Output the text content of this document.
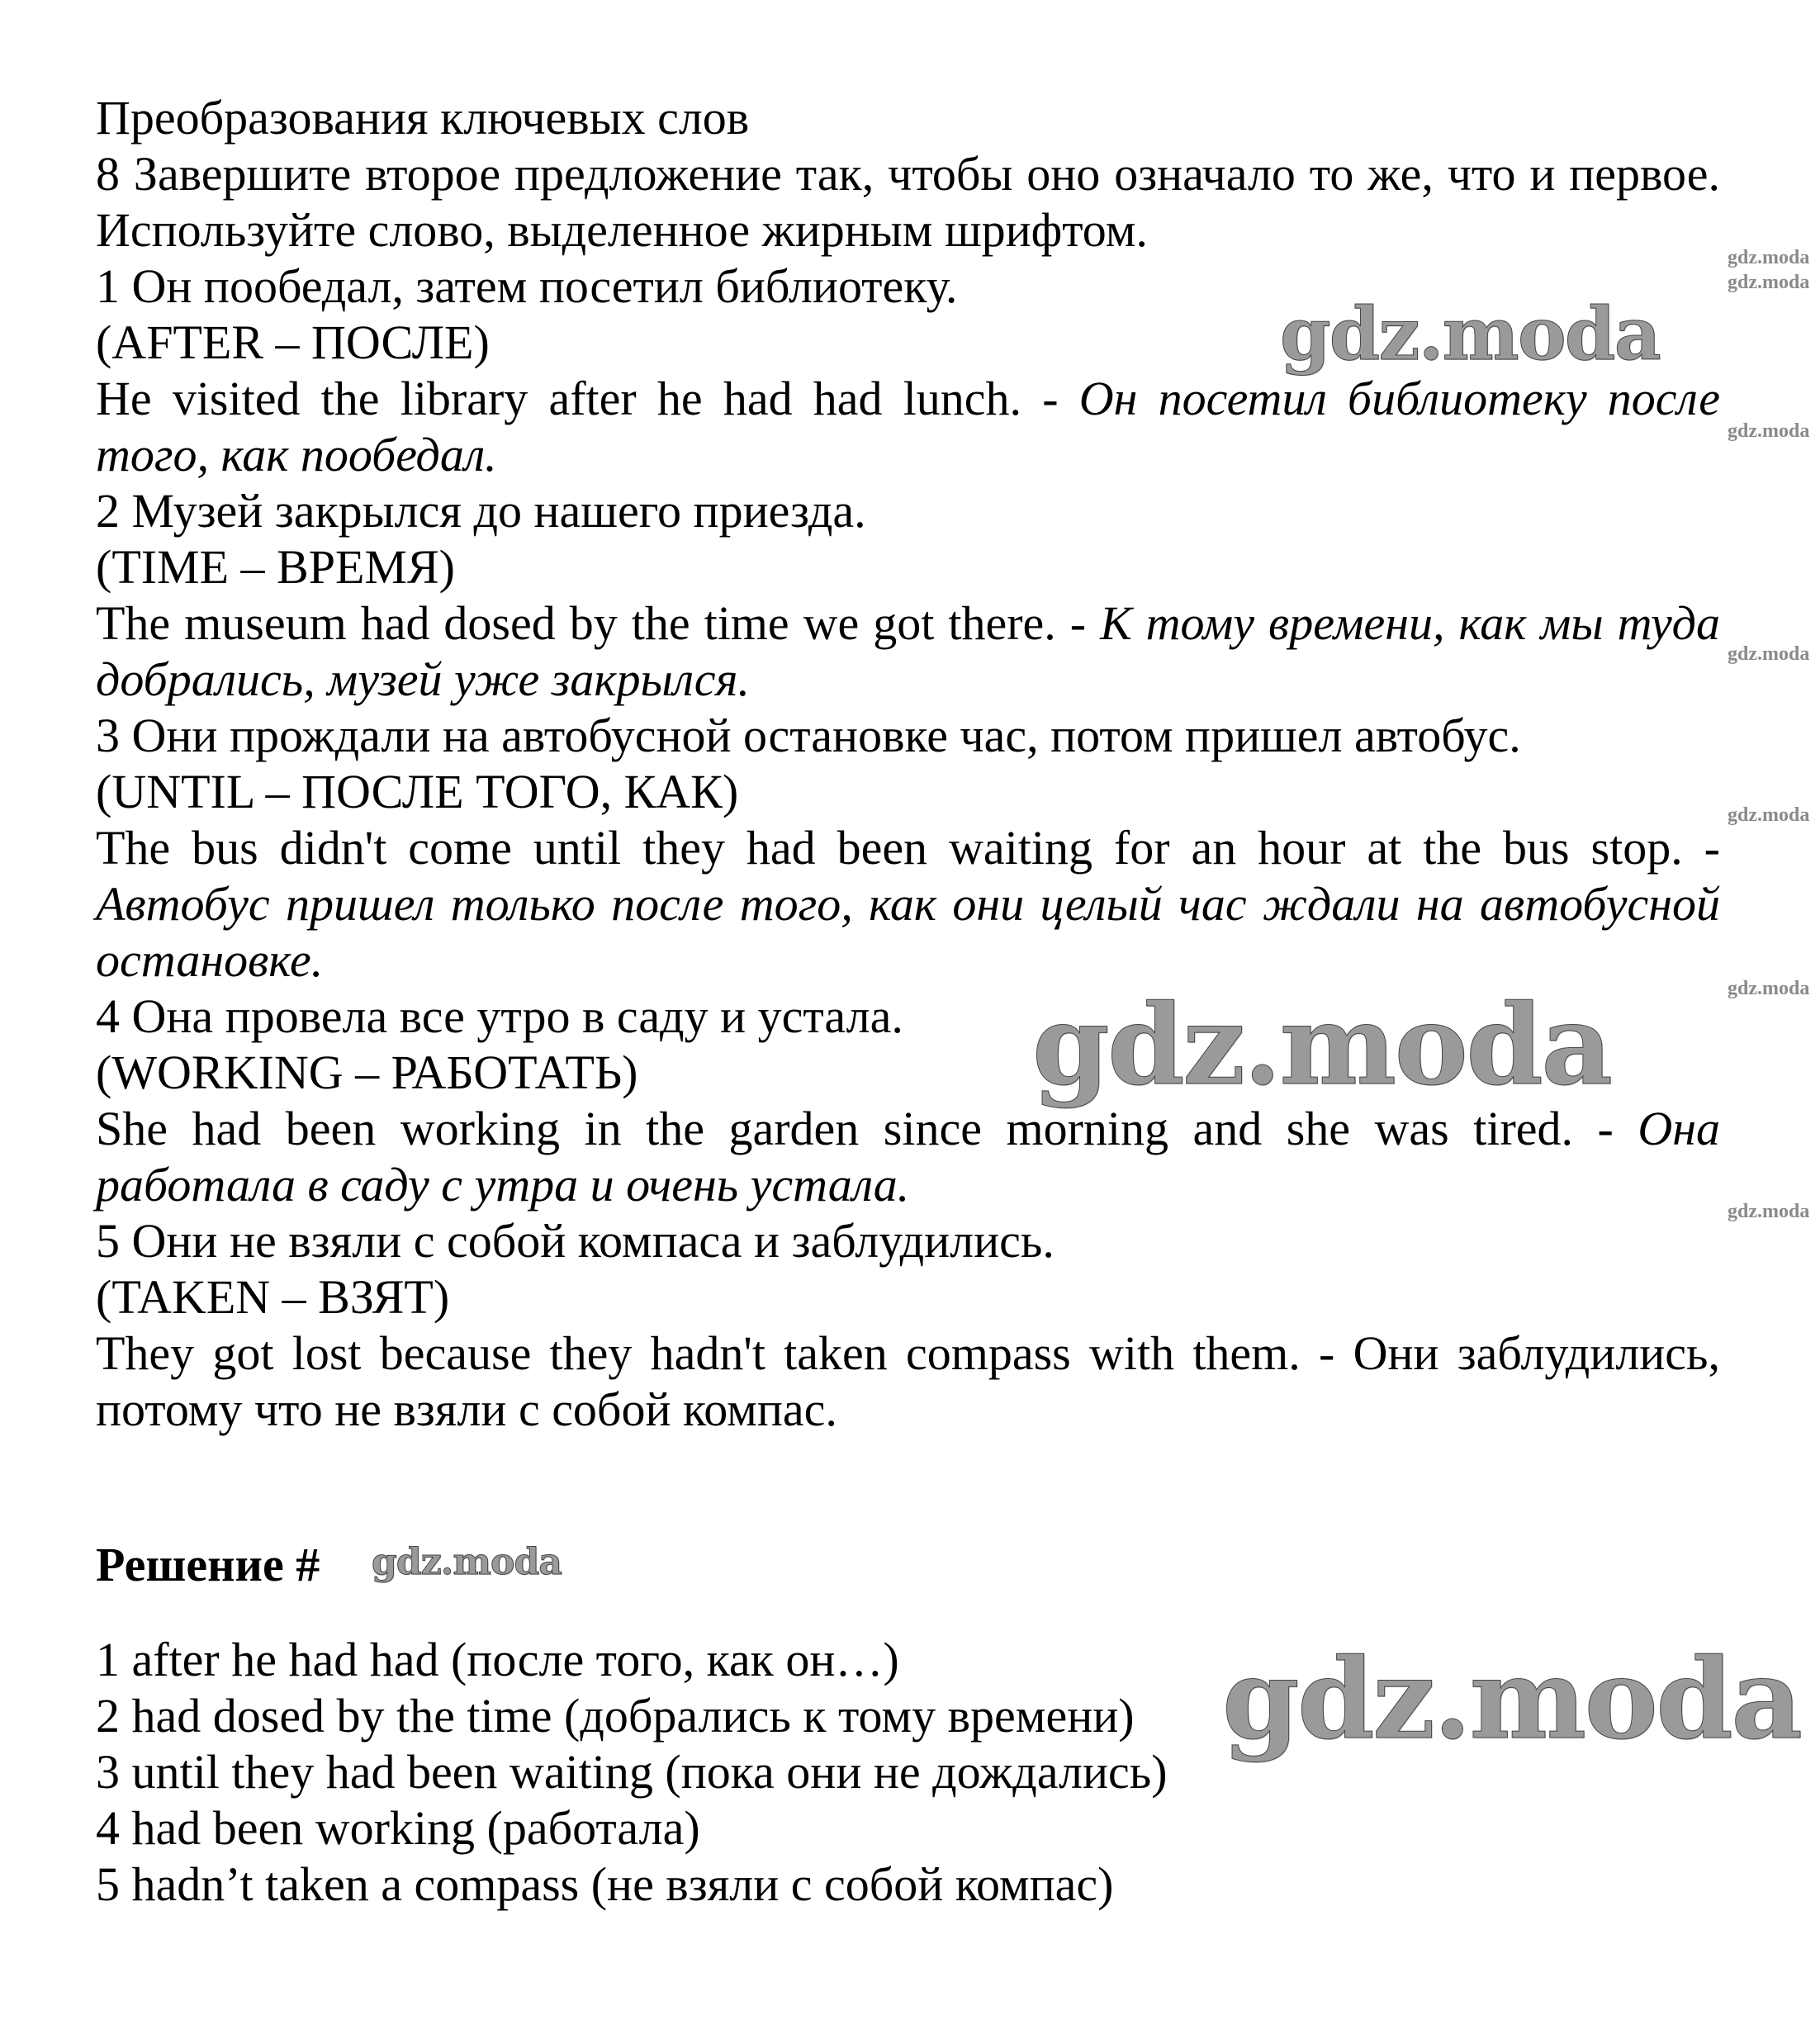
Преобразования ключевых слов
8 Завершите второе предложение так, чтобы оно означало то же, что и первое. Используйте слово, выделенное жирным шрифтом.
1 Он пообедал, затем посетил библиотеку.
(AFTER – ПОСЛЕ)
He visited the library after he had had lunch. - Он посетил библиотеку после того, как пообедал.
2 Музей закрылся до нашего приезда.
(TIME – ВРЕМЯ)
The museum had dosed by the time we got there. - К тому времени, как мы туда добрались, музей уже закрылся.
3 Они прождали на автобусной остановке час, потом пришел автобус.
(UNTIL – ПОСЛЕ ТОГО, КАК)
The bus didn't come until they had been waiting for an hour at the bus stop. - Автобус пришел только после того, как они целый час ждали на автобусной остановке.
4 Она провела все утро в саду и устала.
(WORKING – РАБОТАТЬ)
She had been working in the garden since morning and she was tired. - Она работала в саду с утра и очень устала.
5 Они не взяли с собой компаса и заблудились.
(TAKEN – ВЗЯТ)
They got lost because they hadn't taken compass with them. - Они заблудились, потому что не взяли с собой компас.
Решение #
1 after he had had (после того, как он…)
2 had dosed by the time (добрались к тому времени)
3 until they had been waiting (пока они не дождались)
4 had been working (работала)
5 hadn’t taken a compass (не взяли с собой компас)
gdz.moda
gdz.moda
gdz.moda
gdz.moda
gdz.moda
gdz.moda
gdz.moda
gdz.moda
gdz.moda
gdz.moda
gdz.moda
